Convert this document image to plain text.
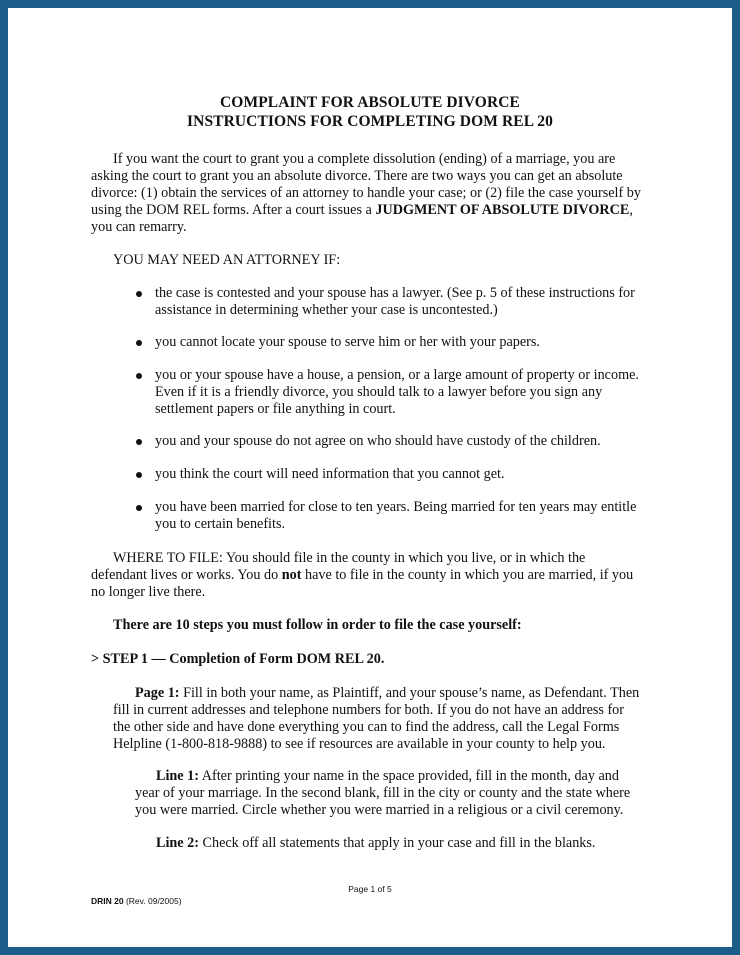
COMPLAINT FOR ABSOLUTE DIVORCE
INSTRUCTIONS FOR COMPLETING DOM REL 20
If you want the court to grant you a complete dissolution (ending) of a marriage, you are
asking the court to grant you an absolute divorce. There are two ways you can get an absolute
divorce: (1) obtain the services of an attorney to handle your case; or (2) file the case yourself by
using the DOM REL forms. After a court issues a JUDGMENT OF ABSOLUTE DIVORCE,
you can remarry.
YOU MAY NEED AN ATTORNEY IF:
the case is contested and your spouse has a lawyer. (See p. 5 of these instructions for
assistance in determining whether your case is uncontested.)
you cannot locate your spouse to serve him or her with your papers.
you or your spouse have a house, a pension, or a large amount of property or income.
Even if it is a friendly divorce, you should talk to a lawyer before you sign any
settlement papers or file anything in court.
you and your spouse do not agree on who should have custody of the children.
you think the court will need information that you cannot get.
you have been married for close to ten years. Being married for ten years may entitle
you to certain benefits.
WHERE TO FILE: You should file in the county in which you live, or in which the
defendant lives or works. You do not have to file in the county in which you are married, if you
no longer live there.
There are 10 steps you must follow in order to file the case yourself:
> STEP 1 — Completion of Form DOM REL 20.
Page 1: Fill in both your name, as Plaintiff, and your spouse’s name, as Defendant. Then
fill in current addresses and telephone numbers for both. If you do not have an address for
the other side and have done everything you can to find the address, call the Legal Forms
Helpline (1-800-818-9888) to see if resources are available in your county to help you.
Line 1: After printing your name in the space provided, fill in the month, day and
year of your marriage. In the second blank, fill in the city or county and the state where
you were married. Circle whether you were married in a religious or a civil ceremony.
Line 2: Check off all statements that apply in your case and fill in the blanks.
Page 1 of 5
DRIN 20 (Rev. 09/2005)
